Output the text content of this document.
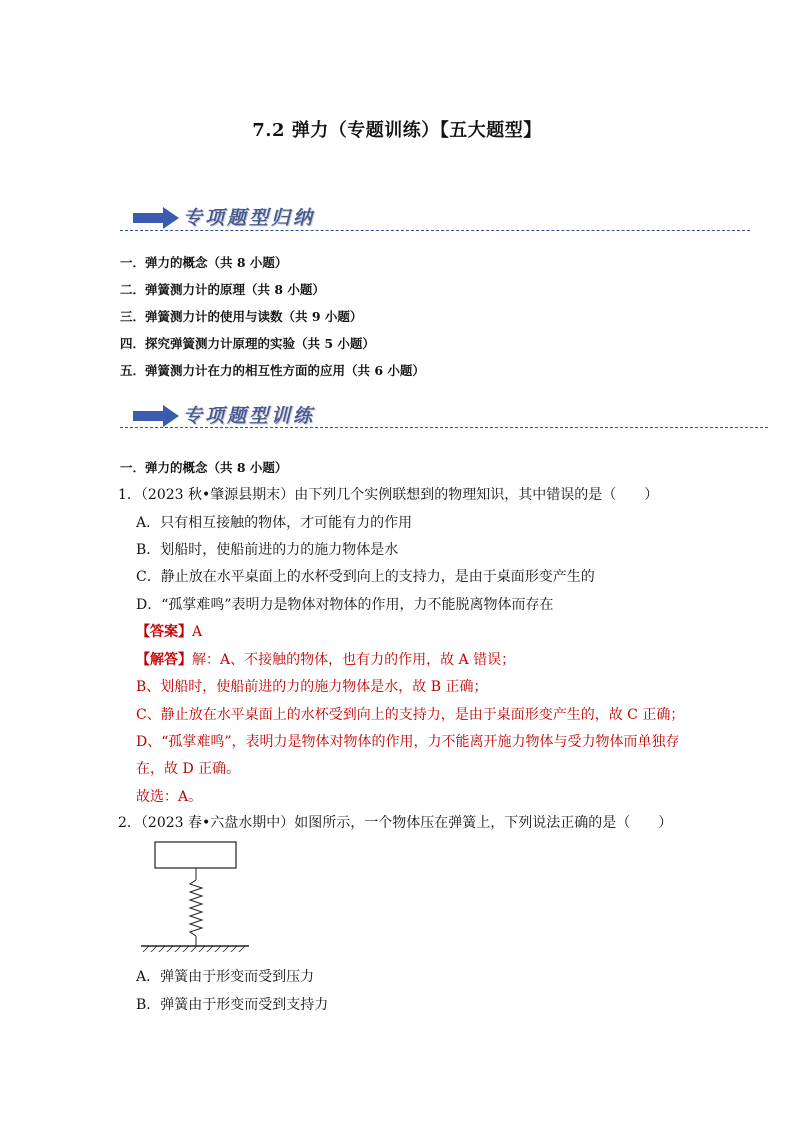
7.2 弹力（专题训练）【五大题型】
专项题型归纳
一．弹力的概念（共 8 小题）
二．弹簧测力计的原理（共 8 小题）
三．弹簧测力计的使用与读数（共 9 小题）
四．探究弹簧测力计原理的实验（共 5 小题）
五．弹簧测力计在力的相互性方面的应用（共 6 小题）
专项题型训练
一．弹力的概念（共 8 小题）
1．（2023 秋•肇源县期末）由下列几个实例联想到的物理知识，其中错误的是（　　）
A．只有相互接触的物体，才可能有力的作用
B．划船时，使船前进的力的施力物体是水
C．静止放在水平桌面上的水杯受到向上的支持力，是由于桌面形变产生的
D．“孤掌难鸣”表明力是物体对物体的作用，力不能脱离物体而存在
【答案】A
【解答】解：A、不接触的物体，也有力的作用，故 A 错误；
B、划船时，使船前进的力的施力物体是水，故 B 正确；
C、静止放在水平桌面上的水杯受到向上的支持力，是由于桌面形变产生的，故 C 正确；
D、“孤掌难鸣”，表明力是物体对物体的作用，力不能离开施力物体与受力物体而单独存
在，故 D 正确。
故选：A。
2．（2023 春•六盘水期中）如图所示，一个物体压在弹簧上，下列说法正确的是（　　）
A．弹簧由于形变而受到压力
B．弹簧由于形变而受到支持力
